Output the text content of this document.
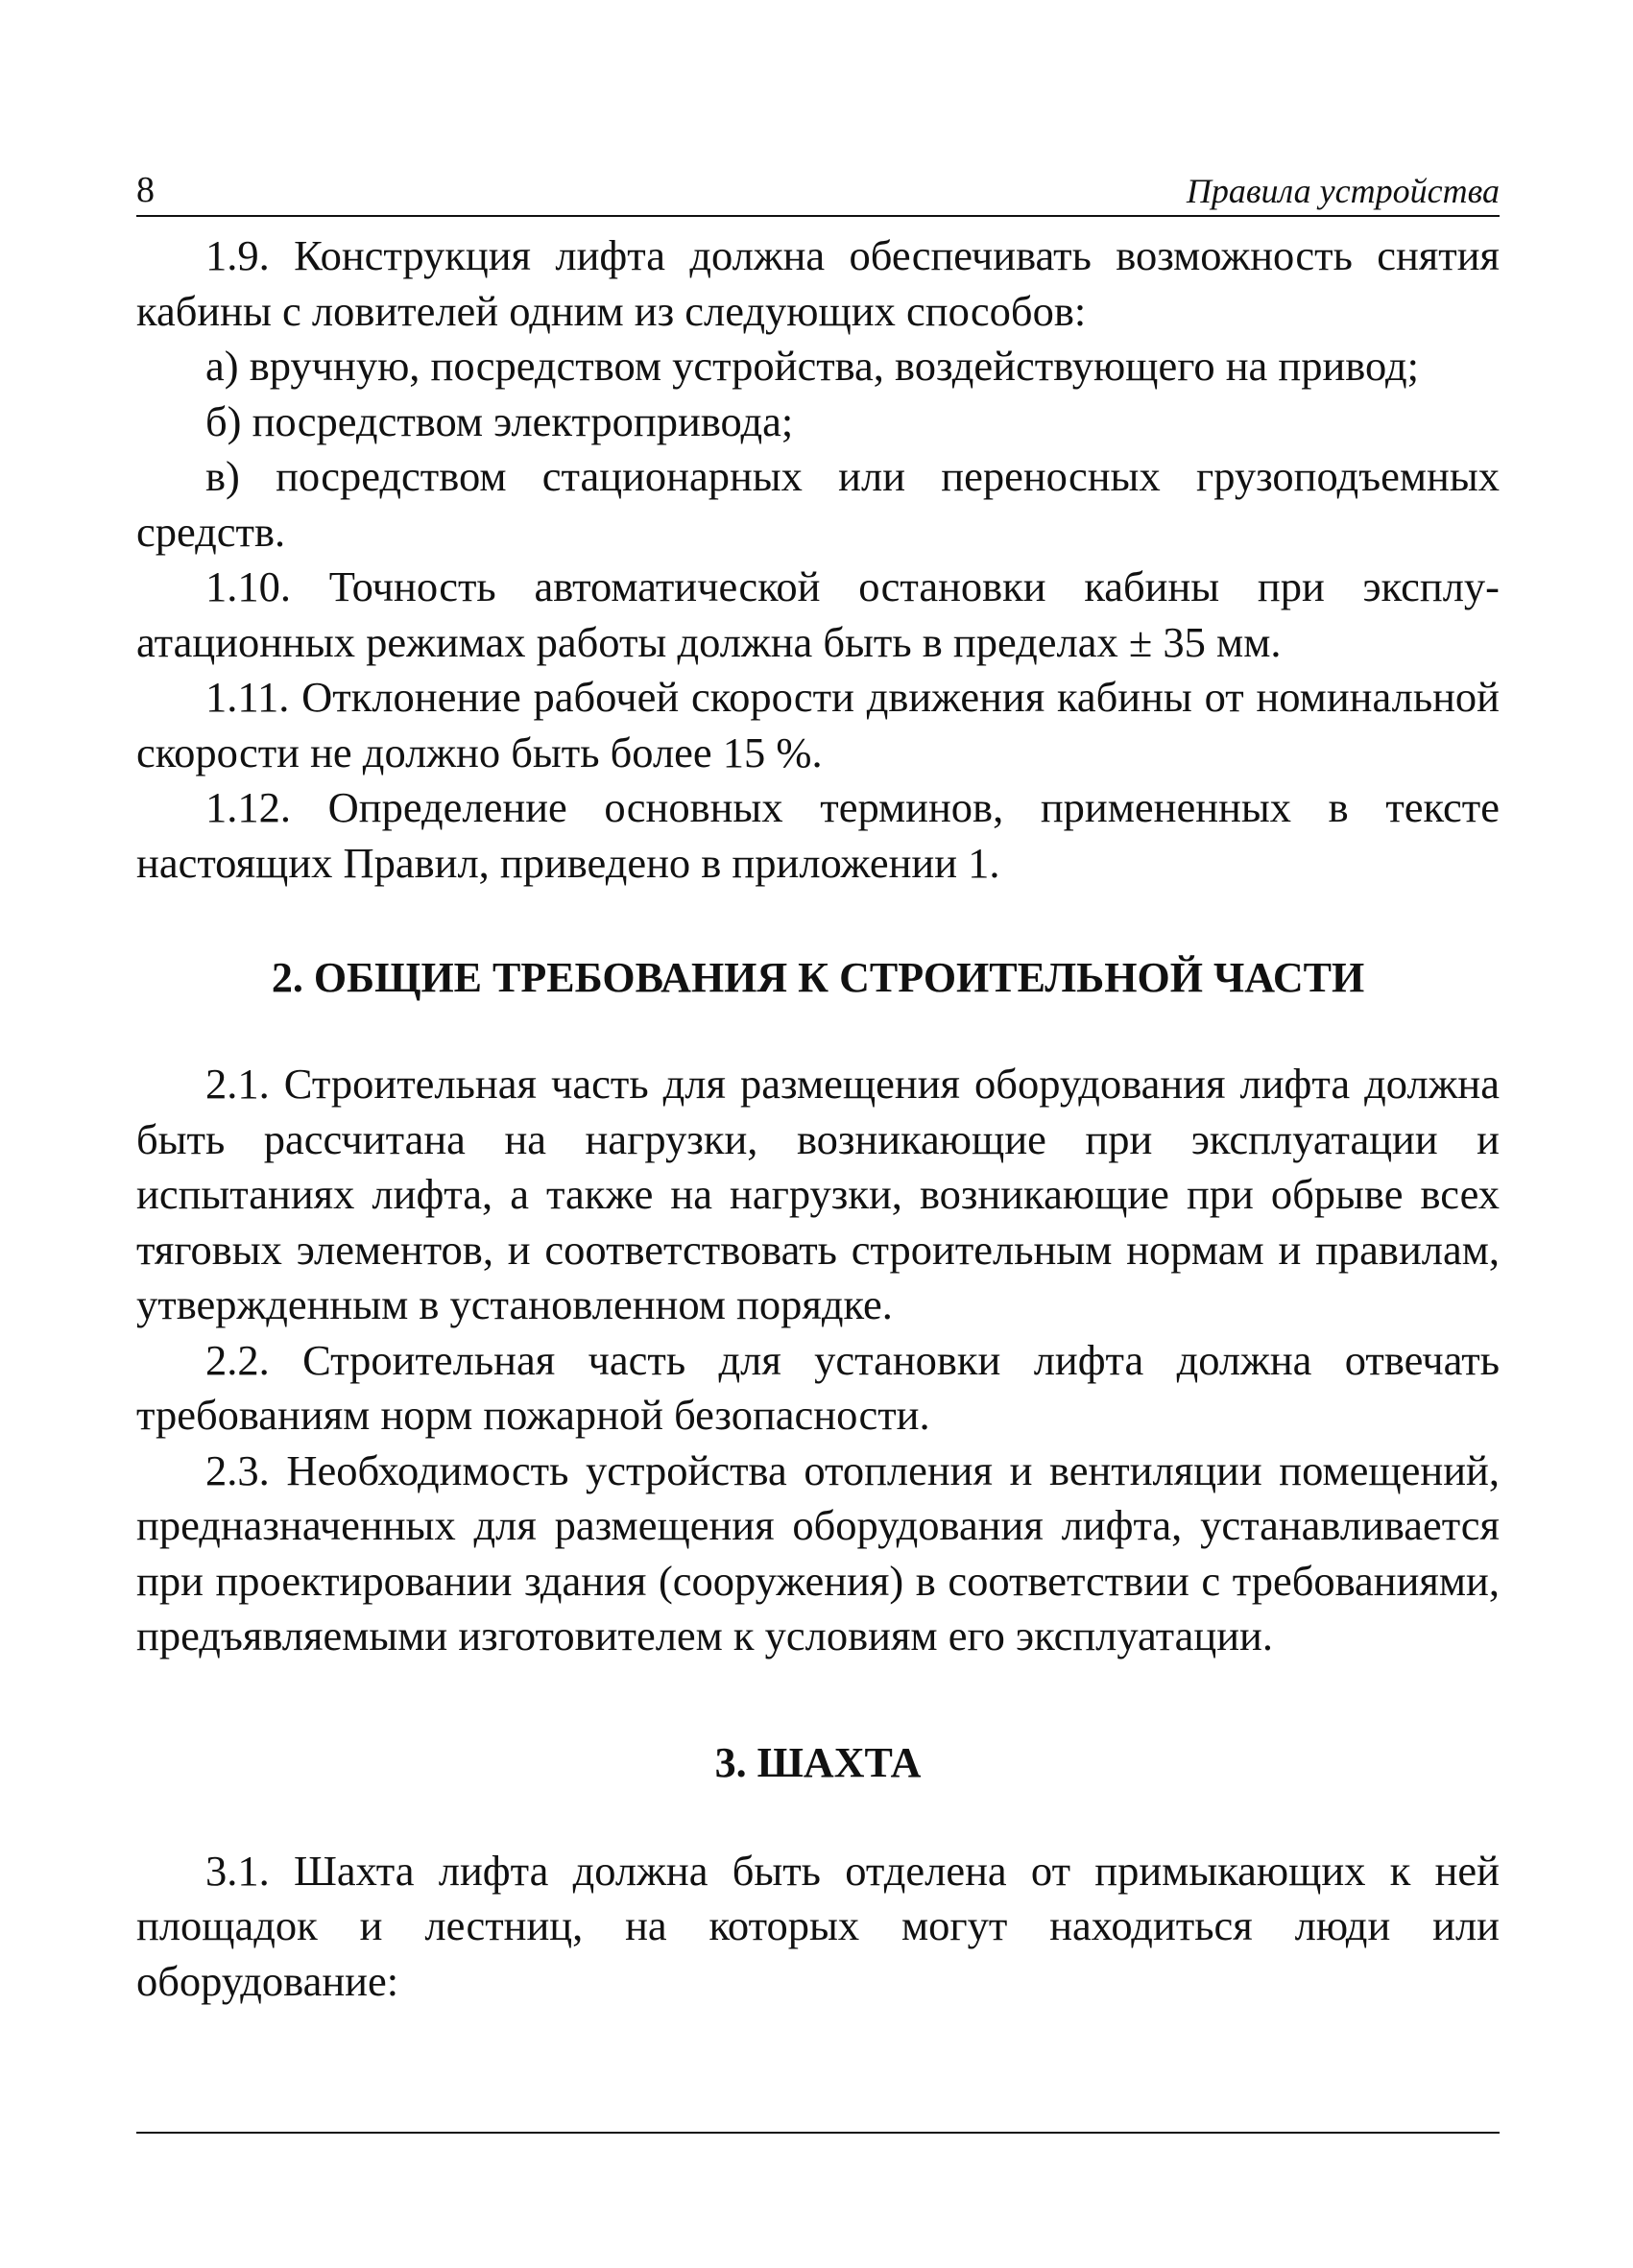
8	Правила устройства

1.9. Конструкция лифта должна обеспечивать возможность снятия кабины с ловителей одним из следующих способов:

а) вручную, посредством устройства, воздействующего на привод;

б) посредством электропривода;

в) посредством стационарных или переносных грузоподъемных средств.

1.10. Точность автоматической остановки кабины при эксплуатационных режимах работы должна быть в пределах ± 35 мм.

1.11. Отклонение рабочей скорости движения кабины от номинальной скорости не должно быть более 15 %.

1.12. Определение основных терминов, примененных в тексте настоящих Правил, приведено в приложении 1.

2. ОБЩИЕ ТРЕБОВАНИЯ К СТРОИТЕЛЬНОЙ ЧАСТИ

2.1. Строительная часть для размещения оборудования лифта должна быть рассчитана на нагрузки, возникающие при эксплуатации и испытаниях лифта, а также на нагрузки, возникающие при обрыве всех тяговых элементов, и соответствовать строительным нормам и правилам, утвержденным в установленном порядке.

2.2. Строительная часть для установки лифта должна отвечать требованиям норм пожарной безопасности.

2.3. Необходимость устройства отопления и вентиляции помещений, предназначенных для размещения оборудования лифта, устанавливается при проектировании здания (сооружения) в соответствии с требованиями, предъявляемыми изготовителем к условиям его эксплуатации.

3. ШАХТА

3.1. Шахта лифта должна быть отделена от примыкающих к ней площадок и лестниц, на которых могут находиться люди или оборудование:
